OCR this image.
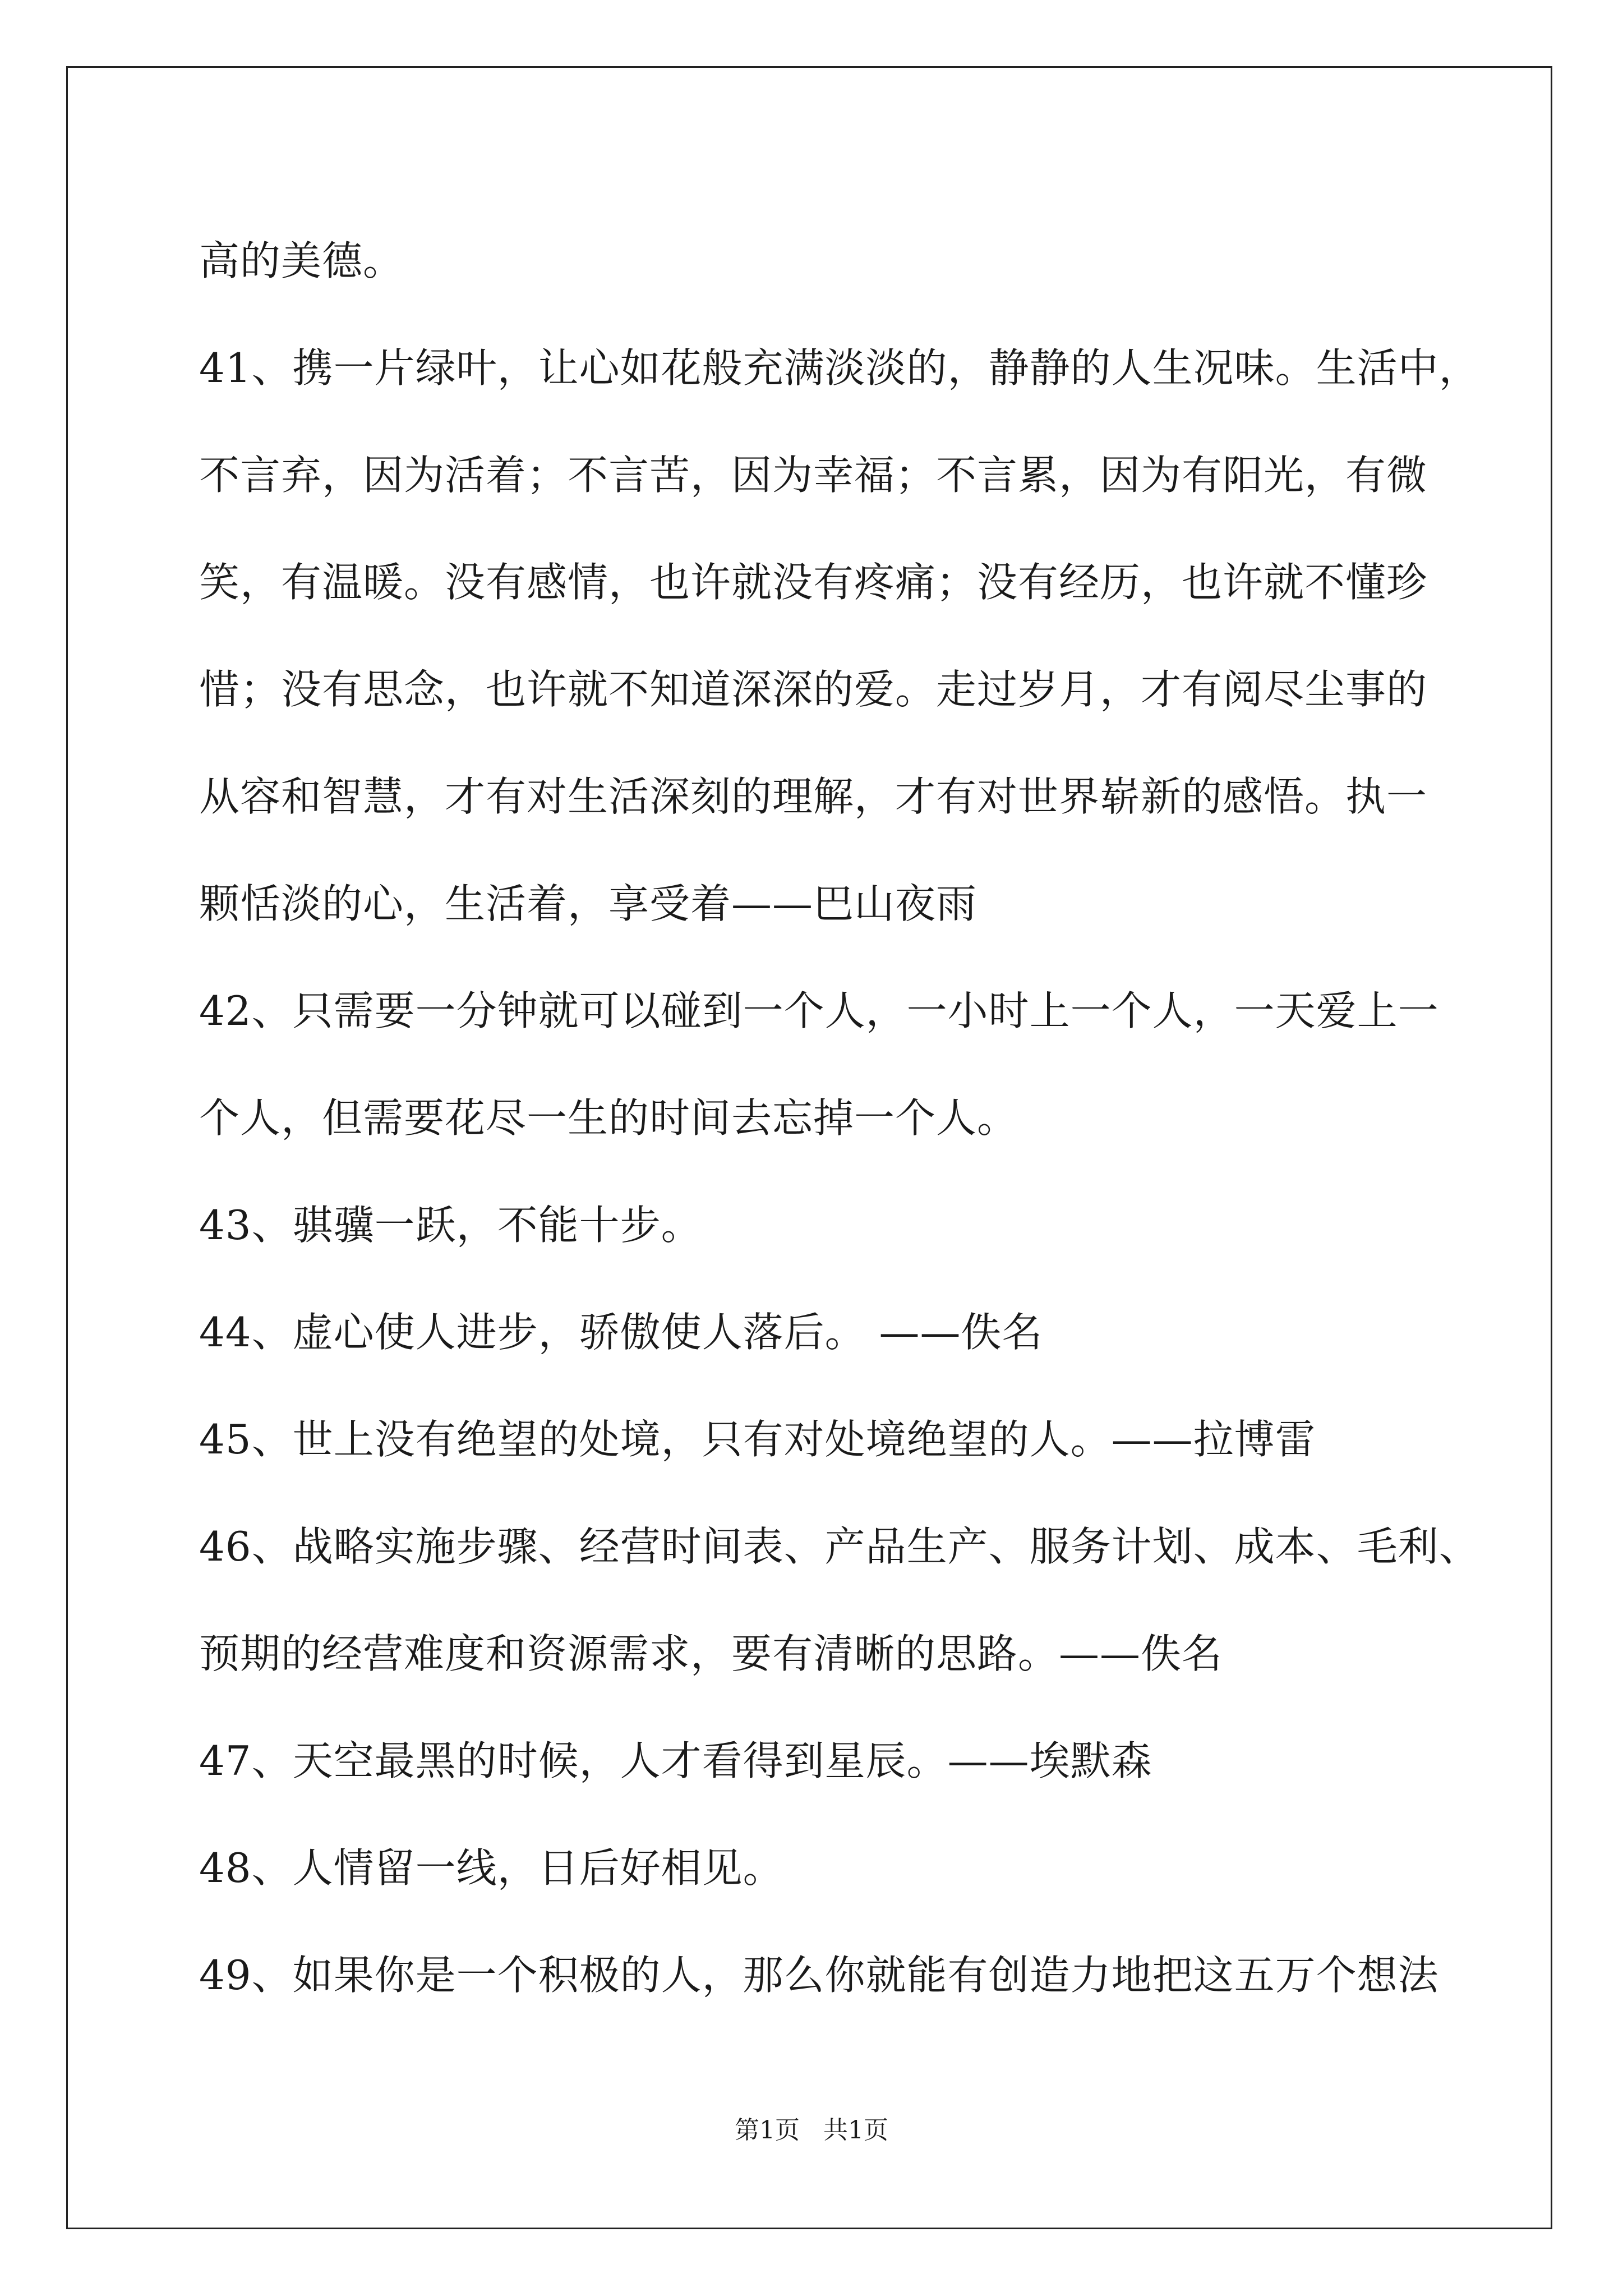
高的美德。
41、携一片绿叶，让心如花般充满淡淡的，静静的人生况味。生活中，
不言弃，因为活着；不言苦，因为幸福；不言累，因为有阳光，有微
笑，有温暖。没有感情，也许就没有疼痛；没有经历，也许就不懂珍
惜；没有思念，也许就不知道深深的爱。走过岁月，才有阅尽尘事的
从容和智慧，才有对生活深刻的理解，才有对世界崭新的感悟。执一
颗恬淡的心，生活着，享受着——巴山夜雨
42、只需要一分钟就可以碰到一个人，一小时上一个人，一天爱上一
个人，但需要花尽一生的时间去忘掉一个人。
43、骐骥一跃，不能十步。
44、虚心使人进步，骄傲使人落后。 ——佚名
45、世上没有绝望的处境，只有对处境绝望的人。——拉博雷
46、战略实施步骤、经营时间表、产品生产、服务计划、成本、毛利、
预期的经营难度和资源需求，要有清晰的思路。——佚名
47、天空最黑的时候，人才看得到星辰。——埃默森
48、人情留一线，日后好相见。
49、如果你是一个积极的人，那么你就能有创造力地把这五万个想法
第1页   共1页
